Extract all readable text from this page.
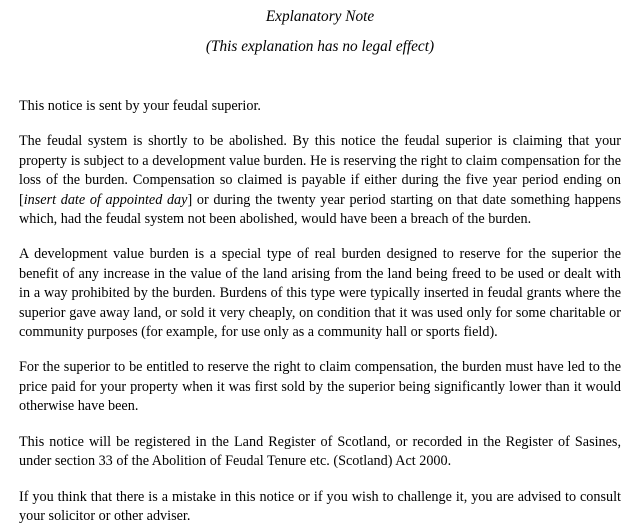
Explanatory Note

(This explanation has no legal effect)

This notice is sent by your feudal superior.

The feudal system is shortly to be abolished. By this notice the feudal superior is claiming that your property is subject to a development value burden. He is reserving the right to claim compensation for the loss of the burden. Compensation so claimed is payable if either during the five year period ending on [insert date of appointed day] or during the twenty year period starting on that date something happens which, had the feudal system not been abolished, would have been a breach of the burden.

A development value burden is a special type of real burden designed to reserve for the superior the benefit of any increase in the value of the land arising from the land being freed to be used or dealt with in a way prohibited by the burden. Burdens of this type were typically inserted in feudal grants where the superior gave away land, or sold it very cheaply, on condition that it was used only for some charitable or community purposes (for example, for use only as a community hall or sports field).

For the superior to be entitled to reserve the right to claim compensation, the burden must have led to the price paid for your property when it was first sold by the superior being significantly lower than it would otherwise have been.

This notice will be registered in the Land Register of Scotland, or recorded in the Register of Sasines, under section 33 of the Abolition of Feudal Tenure etc. (Scotland) Act 2000.

If you think that there is a mistake in this notice or if you wish to challenge it, you are advised to consult your solicitor or other adviser.
